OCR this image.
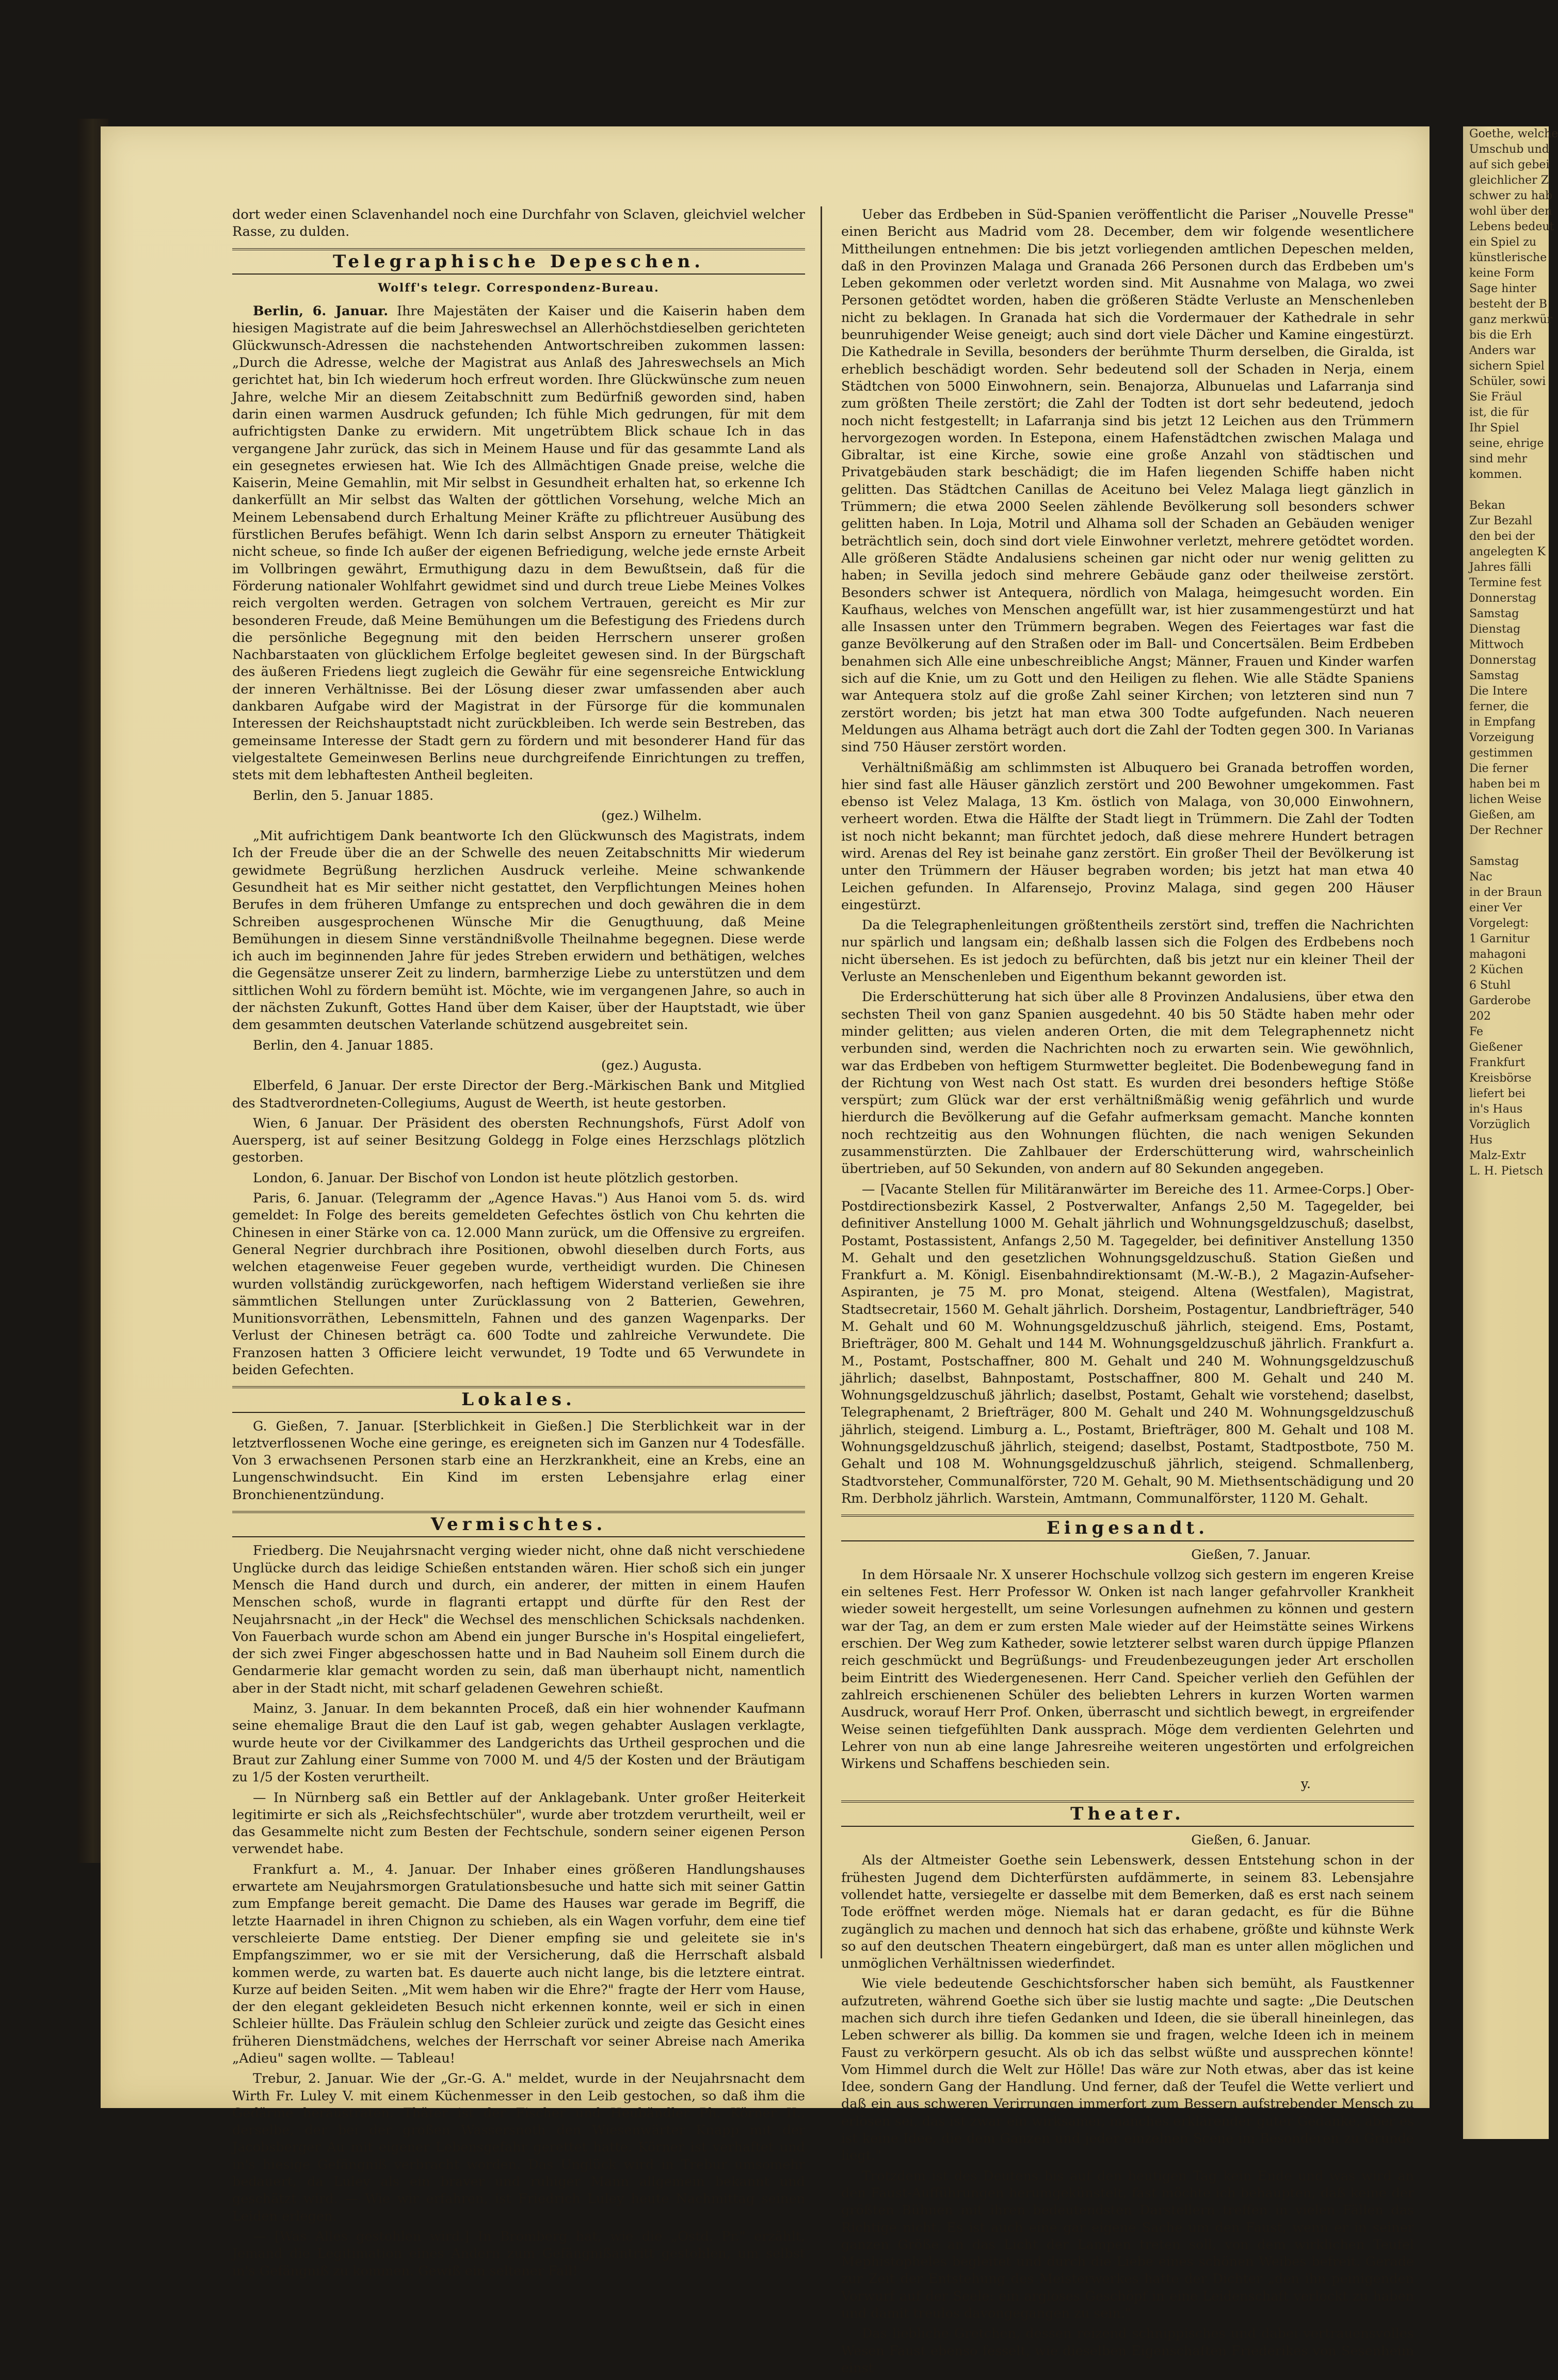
dort weder einen Sclavenhandel noch eine Durchfahr von Sclaven, gleichviel welcher Rasse, zu dulden.

Telegraphische Depeschen.
Wolff's telegr. Correspondenz-Bureau.

Berlin, 6. Januar. Ihre Majestäten der Kaiser und die Kaiserin haben dem hiesigen Magistrate auf die beim Jahreswechsel an Allerhöchstdieselben gerichteten Glückwunsch-Adressen die nachstehenden Antwortschreiben zukommen lassen: „Durch die Adresse, welche der Magistrat aus Anlaß des Jahreswechsels an Mich gerichtet hat, bin Ich wiederum hoch erfreut worden. Ihre Glückwünsche zum neuen Jahre, welche Mir an diesem Zeitabschnitt zum Bedürfniß geworden sind, haben darin einen warmen Ausdruck gefunden; Ich fühle Mich gedrungen, für mit dem aufrichtigsten Danke zu erwidern. Mit ungetrübtem Blick schaue Ich in das vergangene Jahr zurück, das sich in Meinem Hause und für das gesammte Land als ein gesegnetes erwiesen hat. Wie Ich des Allmächtigen Gnade preise, welche die Kaiserin, Meine Gemahlin, mit Mir selbst in Gesundheit erhalten hat, so erkenne Ich dankerfüllt an Mir selbst das Walten der göttlichen Vorsehung, welche Mich an Meinem Lebensabend durch Erhaltung Meiner Kräfte zu pflichtreuer Ausübung des fürstlichen Berufes befähigt. Wenn Ich darin selbst Ansporn zu erneuter Thätigkeit nicht scheue, so finde Ich außer der eigenen Befriedigung, welche jede ernste Arbeit im Vollbringen gewährt, Ermuthigung dazu in dem Bewußtsein, daß für die Förderung nationaler Wohlfahrt gewidmet sind und durch treue Liebe Meines Volkes reich vergolten werden. Getragen von solchem Vertrauen, gereicht es Mir zur besonderen Freude, daß Meine Bemühungen um die Befestigung des Friedens durch die persönliche Begegnung mit den beiden Herrschern unserer großen Nachbarstaaten von glücklichem Erfolge begleitet gewesen sind. In der Bürgschaft des äußeren Friedens liegt zugleich die Gewähr für eine segensreiche Entwicklung der inneren Verhältnisse. Bei der Lösung dieser zwar umfassenden aber auch dankbaren Aufgabe wird der Magistrat in der Fürsorge für die kommunalen Interessen der Reichshauptstadt nicht zurückbleiben. Ich werde sein Bestreben, das gemeinsame Interesse der Stadt gern zu fördern und mit besonderer Hand für das vielgestaltete Gemeinwesen Berlins neue durchgreifende Einrichtungen zu treffen, stets mit dem lebhaftesten Antheil begleiten.

Berlin, den 5. Januar 1885.

(gez.) Wilhelm.

„Mit aufrichtigem Dank beantworte Ich den Glückwunsch des Magistrats, indem Ich der Freude über die an der Schwelle des neuen Zeitabschnitts Mir wiederum gewidmete Begrüßung herzlichen Ausdruck verleihe. Meine schwankende Gesundheit hat es Mir seither nicht gestattet, den Verpflichtungen Meines hohen Berufes in dem früheren Umfange zu entsprechen und doch gewähren die in dem Schreiben ausgesprochenen Wünsche Mir die Genugthuung, daß Meine Bemühungen in diesem Sinne verständnißvolle Theilnahme begegnen. Diese werde ich auch im beginnenden Jahre für jedes Streben erwidern und bethätigen, welches die Gegensätze unserer Zeit zu lindern, barmherzige Liebe zu unterstützen und dem sittlichen Wohl zu fördern bemüht ist. Möchte, wie im vergangenen Jahre, so auch in der nächsten Zukunft, Gottes Hand über dem Kaiser, über der Hauptstadt, wie über dem gesammten deutschen Vaterlande schützend ausgebreitet sein.

Berlin, den 4. Januar 1885.

(gez.) Augusta.

Elberfeld, 6 Januar. Der erste Director der Berg.-Märkischen Bank und Mitglied des Stadtverordneten-Collegiums, August de Weerth, ist heute gestorben.

Wien, 6 Januar. Der Präsident des obersten Rechnungshofs, Fürst Adolf von Auersperg, ist auf seiner Besitzung Goldegg in Folge eines Herzschlags plötzlich gestorben.

London, 6. Januar. Der Bischof von London ist heute plötzlich gestorben.

Paris, 6. Januar. (Telegramm der „Agence Havas.") Aus Hanoi vom 5. ds. wird gemeldet: In Folge des bereits gemeldeten Gefechtes östlich von Chu kehrten die Chinesen in einer Stärke von ca. 12.000 Mann zurück, um die Offensive zu ergreifen. General Negrier durchbrach ihre Positionen, obwohl dieselben durch Forts, aus welchen etagenweise Feuer gegeben wurde, vertheidigt wurden. Die Chinesen wurden vollständig zurückgeworfen, nach heftigem Widerstand verließen sie ihre sämmtlichen Stellungen unter Zurücklassung von 2 Batterien, Gewehren, Munitionsvorräthen, Lebensmitteln, Fahnen und des ganzen Wagenparks. Der Verlust der Chinesen beträgt ca. 600 Todte und zahlreiche Verwundete. Die Franzosen hatten 3 Officiere leicht verwundet, 19 Todte und 65 Verwundete in beiden Gefechten.

Lokales.

G. Gießen, 7. Januar. [Sterblichkeit in Gießen.] Die Sterblichkeit war in der letztverflossenen Woche eine geringe, es ereigneten sich im Ganzen nur 4 Todesfälle. Von 3 erwachsenen Personen starb eine an Herzkrankheit, eine an Krebs, eine an Lungenschwindsucht. Ein Kind im ersten Lebensjahre erlag einer Bronchienentzündung.

Vermischtes.

Friedberg. Die Neujahrsnacht verging wieder nicht, ohne daß nicht verschiedene Unglücke durch das leidige Schießen entstanden wären. Hier schoß sich ein junger Mensch die Hand durch und durch, ein anderer, der mitten in einem Haufen Menschen schoß, wurde in flagranti ertappt und dürfte für den Rest der Neujahrsnacht „in der Heck" die Wechsel des menschlichen Schicksals nachdenken. Von Fauerbach wurde schon am Abend ein junger Bursche in's Hospital eingeliefert, der sich zwei Finger abgeschossen hatte und in Bad Nauheim soll Einem durch die Gendarmerie klar gemacht worden zu sein, daß man überhaupt nicht, namentlich aber in der Stadt nicht, mit scharf geladenen Gewehren schießt.

Mainz, 3. Januar. In dem bekannten Proceß, daß ein hier wohnender Kaufmann seine ehemalige Braut die den Lauf ist gab, wegen gehabter Auslagen verklagte, wurde heute vor der Civilkammer des Landgerichts das Urtheil gesprochen und die Braut zur Zahlung einer Summe von 7000 M. und 4/5 der Kosten und der Bräutigam zu 1/5 der Kosten verurtheilt.

— In Nürnberg saß ein Bettler auf der Anklagebank. Unter großer Heiterkeit legitimirte er sich als „Reichsfechtschüler", wurde aber trotzdem verurtheilt, weil er das Gesammelte nicht zum Besten der Fechtschule, sondern seiner eigenen Person verwendet habe.

Frankfurt a. M., 4. Januar. Der Inhaber eines größeren Handlungshauses erwartete am Neujahrsmorgen Gratulationsbesuche und hatte sich mit seiner Gattin zum Empfange bereit gemacht. Die Dame des Hauses war gerade im Begriff, die letzte Haarnadel in ihren Chignon zu schieben, als ein Wagen vorfuhr, dem eine tief verschleierte Dame entstieg. Der Diener empfing sie und geleitete sie in's Empfangszimmer, wo er sie mit der Versicherung, daß die Herrschaft alsbald kommen werde, zu warten bat. Es dauerte auch nicht lange, bis die letztere eintrat. Kurze auf beiden Seiten. „Mit wem haben wir die Ehre?" fragte der Herr vom Hause, der den elegant gekleideten Besuch nicht erkennen konnte, weil er sich in einen Schleier hüllte. Das Fräulein schlug den Schleier zurück und zeigte das Gesicht eines früheren Dienstmädchens, welches der Herrschaft vor seiner Abreise nach Amerika „Adieu" sagen wollte. — Tableau!

Trebur, 2. Januar. Wie der „Gr.-G. A." meldet, wurde in der Neujahrsnacht dem Wirth Fr. Luley V. mit einem Küchenmesser in den Leib gestochen, so daß ihm die Gedärme heraustraten. Thäter ist der Fischer und Heubändler Ph. Körner II., derselbe, der bei der großen Wassersnoth den Wiesenwärter Knapp mit der Jacobsberger Au mit eigener Lebensgefahr gerettet hatte. Körner ist verhaftet und in's hiesige Gefängniß verbracht worden. Das Unglück wird in Trebur umsomehr bedauert, da Luley als ein braver und ruhiger Mann allgemein bekannt und geschätzt wird. — Wie wir erfahren, ist Friedrich Luley heute Nachmittag seinen Leiden erlegen.

— [Was Alles gestohlen wird.] In Bromberg hat, wie die „Ostd. Pr." erzählt, Jemand die Legitimation eines Andern zum Gefängnißantritt gestohlen, um selbst in's Gefängniß zu kommen. Gewiß ein seltener Fall!

Ueber das Erdbeben in Süd-Spanien veröffentlicht die Pariser „Nouvelle Presse" einen Bericht aus Madrid vom 28. December, dem wir folgende wesentlichere Mittheilungen entnehmen: Die bis jetzt vorliegenden amtlichen Depeschen melden, daß in den Provinzen Malaga und Granada 266 Personen durch das Erdbeben um's Leben gekommen oder verletzt worden sind. Mit Ausnahme von Malaga, wo zwei Personen getödtet worden, haben die größeren Städte Verluste an Menschenleben nicht zu beklagen. In Granada hat sich die Vordermauer der Kathedrale in sehr beunruhigender Weise geneigt; auch sind dort viele Dächer und Kamine eingestürzt. Die Kathedrale in Sevilla, besonders der berühmte Thurm derselben, die Giralda, ist erheblich beschädigt worden. Sehr bedeutend soll der Schaden in Nerja, einem Städtchen von 5000 Einwohnern, sein. Benajorza, Albunuelas und Lafarranja sind zum größten Theile zerstört; die Zahl der Todten ist dort sehr bedeutend, jedoch noch nicht festgestellt; in Lafarranja sind bis jetzt 12 Leichen aus den Trümmern hervorgezogen worden. In Estepona, einem Hafenstädtchen zwischen Malaga und Gibraltar, ist eine Kirche, sowie eine große Anzahl von städtischen und Privatgebäuden stark beschädigt; die im Hafen liegenden Schiffe haben nicht gelitten. Das Städtchen Canillas de Aceituno bei Velez Malaga liegt gänzlich in Trümmern; die etwa 2000 Seelen zählende Bevölkerung soll besonders schwer gelitten haben. In Loja, Motril und Alhama soll der Schaden an Gebäuden weniger beträchtlich sein, doch sind dort viele Einwohner verletzt, mehrere getödtet worden. Alle größeren Städte Andalusiens scheinen gar nicht oder nur wenig gelitten zu haben; in Sevilla jedoch sind mehrere Gebäude ganz oder theilweise zerstört. Besonders schwer ist Antequera, nördlich von Malaga, heimgesucht worden. Ein Kaufhaus, welches von Menschen angefüllt war, ist hier zusammengestürzt und hat alle Insassen unter den Trümmern begraben. Wegen des Feiertages war fast die ganze Bevölkerung auf den Straßen oder im Ball- und Concertsälen. Beim Erdbeben benahmen sich Alle eine unbeschreibliche Angst; Männer, Frauen und Kinder warfen sich auf die Knie, um zu Gott und den Heiligen zu flehen. Wie alle Städte Spaniens war Antequera stolz auf die große Zahl seiner Kirchen; von letzteren sind nun 7 zerstört worden; bis jetzt hat man etwa 300 Todte aufgefunden. Nach neueren Meldungen aus Alhama beträgt auch dort die Zahl der Todten gegen 300. In Varianas sind 750 Häuser zerstört worden.

Verhältnißmäßig am schlimmsten ist Albuquero bei Granada betroffen worden, hier sind fast alle Häuser gänzlich zerstört und 200 Bewohner umgekommen. Fast ebenso ist Velez Malaga, 13 Km. östlich von Malaga, von 30,000 Einwohnern, verheert worden. Etwa die Hälfte der Stadt liegt in Trümmern. Die Zahl der Todten ist noch nicht bekannt; man fürchtet jedoch, daß diese mehrere Hundert betragen wird. Arenas del Rey ist beinahe ganz zerstört. Ein großer Theil der Bevölkerung ist unter den Trümmern der Häuser begraben worden; bis jetzt hat man etwa 40 Leichen gefunden. In Alfarensejo, Provinz Malaga, sind gegen 200 Häuser eingestürzt.

Da die Telegraphenleitungen größtentheils zerstört sind, treffen die Nachrichten nur spärlich und langsam ein; deßhalb lassen sich die Folgen des Erdbebens noch nicht übersehen. Es ist jedoch zu befürchten, daß bis jetzt nur ein kleiner Theil der Verluste an Menschenleben und Eigenthum bekannt geworden ist.

Die Erderschütterung hat sich über alle 8 Provinzen Andalusiens, über etwa den sechsten Theil von ganz Spanien ausgedehnt. 40 bis 50 Städte haben mehr oder minder gelitten; aus vielen anderen Orten, die mit dem Telegraphennetz nicht verbunden sind, werden die Nachrichten noch zu erwarten sein. Wie gewöhnlich, war das Erdbeben von heftigem Sturmwetter begleitet. Die Bodenbewegung fand in der Richtung von West nach Ost statt. Es wurden drei besonders heftige Stöße verspürt; zum Glück war der erst verhältnißmäßig wenig gefährlich und wurde hierdurch die Bevölkerung auf die Gefahr aufmerksam gemacht. Manche konnten noch rechtzeitig aus den Wohnungen flüchten, die nach wenigen Sekunden zusammenstürzten. Die Zahlbauer der Erderschütterung wird, wahrscheinlich übertrieben, auf 50 Sekunden, von andern auf 80 Sekunden angegeben.

— [Vacante Stellen für Militäranwärter im Bereiche des 11. Armee-Corps.] Ober-Postdirectionsbezirk Kassel, 2 Postverwalter, Anfangs 2,50 M. Tagegelder, bei definitiver Anstellung 1000 M. Gehalt jährlich und Wohnungsgeldzuschuß; daselbst, Postamt, Postassistent, Anfangs 2,50 M. Tagegelder, bei definitiver Anstellung 1350 M. Gehalt und den gesetzlichen Wohnungsgeldzuschuß. Station Gießen und Frankfurt a. M. Königl. Eisenbahndirektionsamt (M.-W.-B.), 2 Magazin-Aufseher-Aspiranten, je 75 M. pro Monat, steigend. Altena (Westfalen), Magistrat, Stadtsecretair, 1560 M. Gehalt jährlich. Dorsheim, Postagentur, Landbriefträger, 540 M. Gehalt und 60 M. Wohnungsgeldzuschuß jährlich, steigend. Ems, Postamt, Briefträger, 800 M. Gehalt und 144 M. Wohnungsgeldzuschuß jährlich. Frankfurt a. M., Postamt, Postschaffner, 800 M. Gehalt und 240 M. Wohnungsgeldzuschuß jährlich; daselbst, Bahnpostamt, Postschaffner, 800 M. Gehalt und 240 M. Wohnungsgeldzuschuß jährlich; daselbst, Postamt, Gehalt wie vorstehend; daselbst, Telegraphenamt, 2 Briefträger, 800 M. Gehalt und 240 M. Wohnungsgeldzuschuß jährlich, steigend. Limburg a. L., Postamt, Briefträger, 800 M. Gehalt und 108 M. Wohnungsgeldzuschuß jährlich, steigend; daselbst, Postamt, Stadtpostbote, 750 M. Gehalt und 108 M. Wohnungsgeldzuschuß jährlich, steigend. Schmallenberg, Stadtvorsteher, Communalförster, 720 M. Gehalt, 90 M. Miethsentschädigung und 20 Rm. Derbholz jährlich. Warstein, Amtmann, Communalförster, 1120 M. Gehalt.

Eingesandt.

Gießen, 7. Januar.

In dem Hörsaale Nr. X unserer Hochschule vollzog sich gestern im engeren Kreise ein seltenes Fest. Herr Professor W. Onken ist nach langer gefahrvoller Krankheit wieder soweit hergestellt, um seine Vorlesungen aufnehmen zu können und gestern war der Tag, an dem er zum ersten Male wieder auf der Heimstätte seines Wirkens erschien. Der Weg zum Katheder, sowie letzterer selbst waren durch üppige Pflanzen reich geschmückt und Begrüßungs- und Freudenbezeugungen jeder Art erschollen beim Eintritt des Wiedergenesenen. Herr Cand. Speicher verlieh den Gefühlen der zahlreich erschienenen Schüler des beliebten Lehrers in kurzen Worten warmen Ausdruck, worauf Herr Prof. Onken, überrascht und sichtlich bewegt, in ergreifender Weise seinen tiefgefühlten Dank aussprach. Möge dem verdienten Gelehrten und Lehrer von nun ab eine lange Jahresreihe weiteren ungestörten und erfolgreichen Wirkens und Schaffens beschieden sein.

y.

Theater.

Gießen, 6. Januar.

Als der Altmeister Goethe sein Lebenswerk, dessen Entstehung schon in der frühesten Jugend dem Dichterfürsten aufdämmerte, in seinem 83. Lebensjahre vollendet hatte, versiegelte er dasselbe mit dem Bemerken, daß es erst nach seinem Tode eröffnet werden möge. Niemals hat er daran gedacht, es für die Bühne zugänglich zu machen und dennoch hat sich das erhabene, größte und kühnste Werk so auf den deutschen Theatern eingebürgert, daß man es unter allen möglichen und unmöglichen Verhältnissen wiederfindet.

Wie viele bedeutende Geschichtsforscher haben sich bemüht, als Faustkenner aufzutreten, während Goethe sich über sie lustig machte und sagte: „Die Deutschen machen sich durch ihre tiefen Gedanken und Ideen, die sie überall hineinlegen, das Leben schwerer als billig. Da kommen sie und fragen, welche Ideen ich in meinem Faust zu verkörpern gesucht. Als ob ich das selbst wüßte und aussprechen könnte! Vom Himmel durch die Welt zur Hölle! Das wäre zur Noth etwas, aber das ist keine Idee, sondern Gang der Handlung. Und ferner, daß der Teufel die Wette verliert und daß ein aus schweren Verirrungen immerfort zum Bessern aufstrebender Mensch zu erlösen sei, das ist zwar ein wirksamer, manches erklärender guter Gedanke, aber es ist keine Idee, die dem Ganzen und jeder einzelnen Scene im Besonderen zu Grunde liegt."

Trotzdem ist des Deutens bis auf den heutigen Tag kein Ende und was wird an den Faust-Aufführungen herumgekünstelt, fast möchte ich behaupten, daß keine der größten Bühnen mit ihren bedeutendsten Darstellern treffen in vielen Fällen das Richtige nicht. Es ist auch eine gar eigene Sache um den Faust, wenn er in seiner ganzen Größe an das Licht der Lampen treten soll, von dem wirklichen Teufel Mephistopheles begleitet und durch die Liebe eines schönen Weibes befreit. Gerade zur Zeit der Entstehung des Meisterwerkes hatte der Dichter „den ihn peinigenden Vorwurf auf der Seele: ein argloses Geschöpf in eine Leidenschaft verlockt zu haben und damit treulos davongegangen zu sein."

Das liebliche Gretchen, dessen reizend schnippisches und dabei vertrauensvolles Wesen Faust ebenso fesselt, wie dieselben Eigenschaften Friederikes von Sesenheim einst

Goethe, welche
Umschub und
auf sich gebei
gleichlicher Z
schwer zu hab
wohl über den
Lebens bedeut
ein Spiel zu
künstlerische
keine Form
Sage hinter
besteht der B
ganz merkwür
bis die Erh
Anders war
sichern Spiel
Schüler, sowi
Sie Fräul
ist, die für
Ihr Spiel
seine, ehrige
sind mehr
kommen.

Bekan
Zur Bezahl
den bei der
angelegten K
Jahres fälli
Termine fest
Donnerstag
Samstag
Dienstag
Mittwoch
Donnerstag
Samstag
Die Intere
ferner, die
in Empfang
Vorzeigung
gestimmen
Die ferner
haben bei m
lichen Weise
Gießen, am
Der Rechner

Samstag
Nac
in der Braun
einer Ver
Vorgelegt:
1 Garnitur
mahagoni
2 Küchen
6 Stuhl
Garderobe
202
Fe
Gießener
Frankfurt
Kreisbörse
liefert bei
in's Haus
Vorzüglich
Hus
Malz-Extr
L. H. Pietsch
